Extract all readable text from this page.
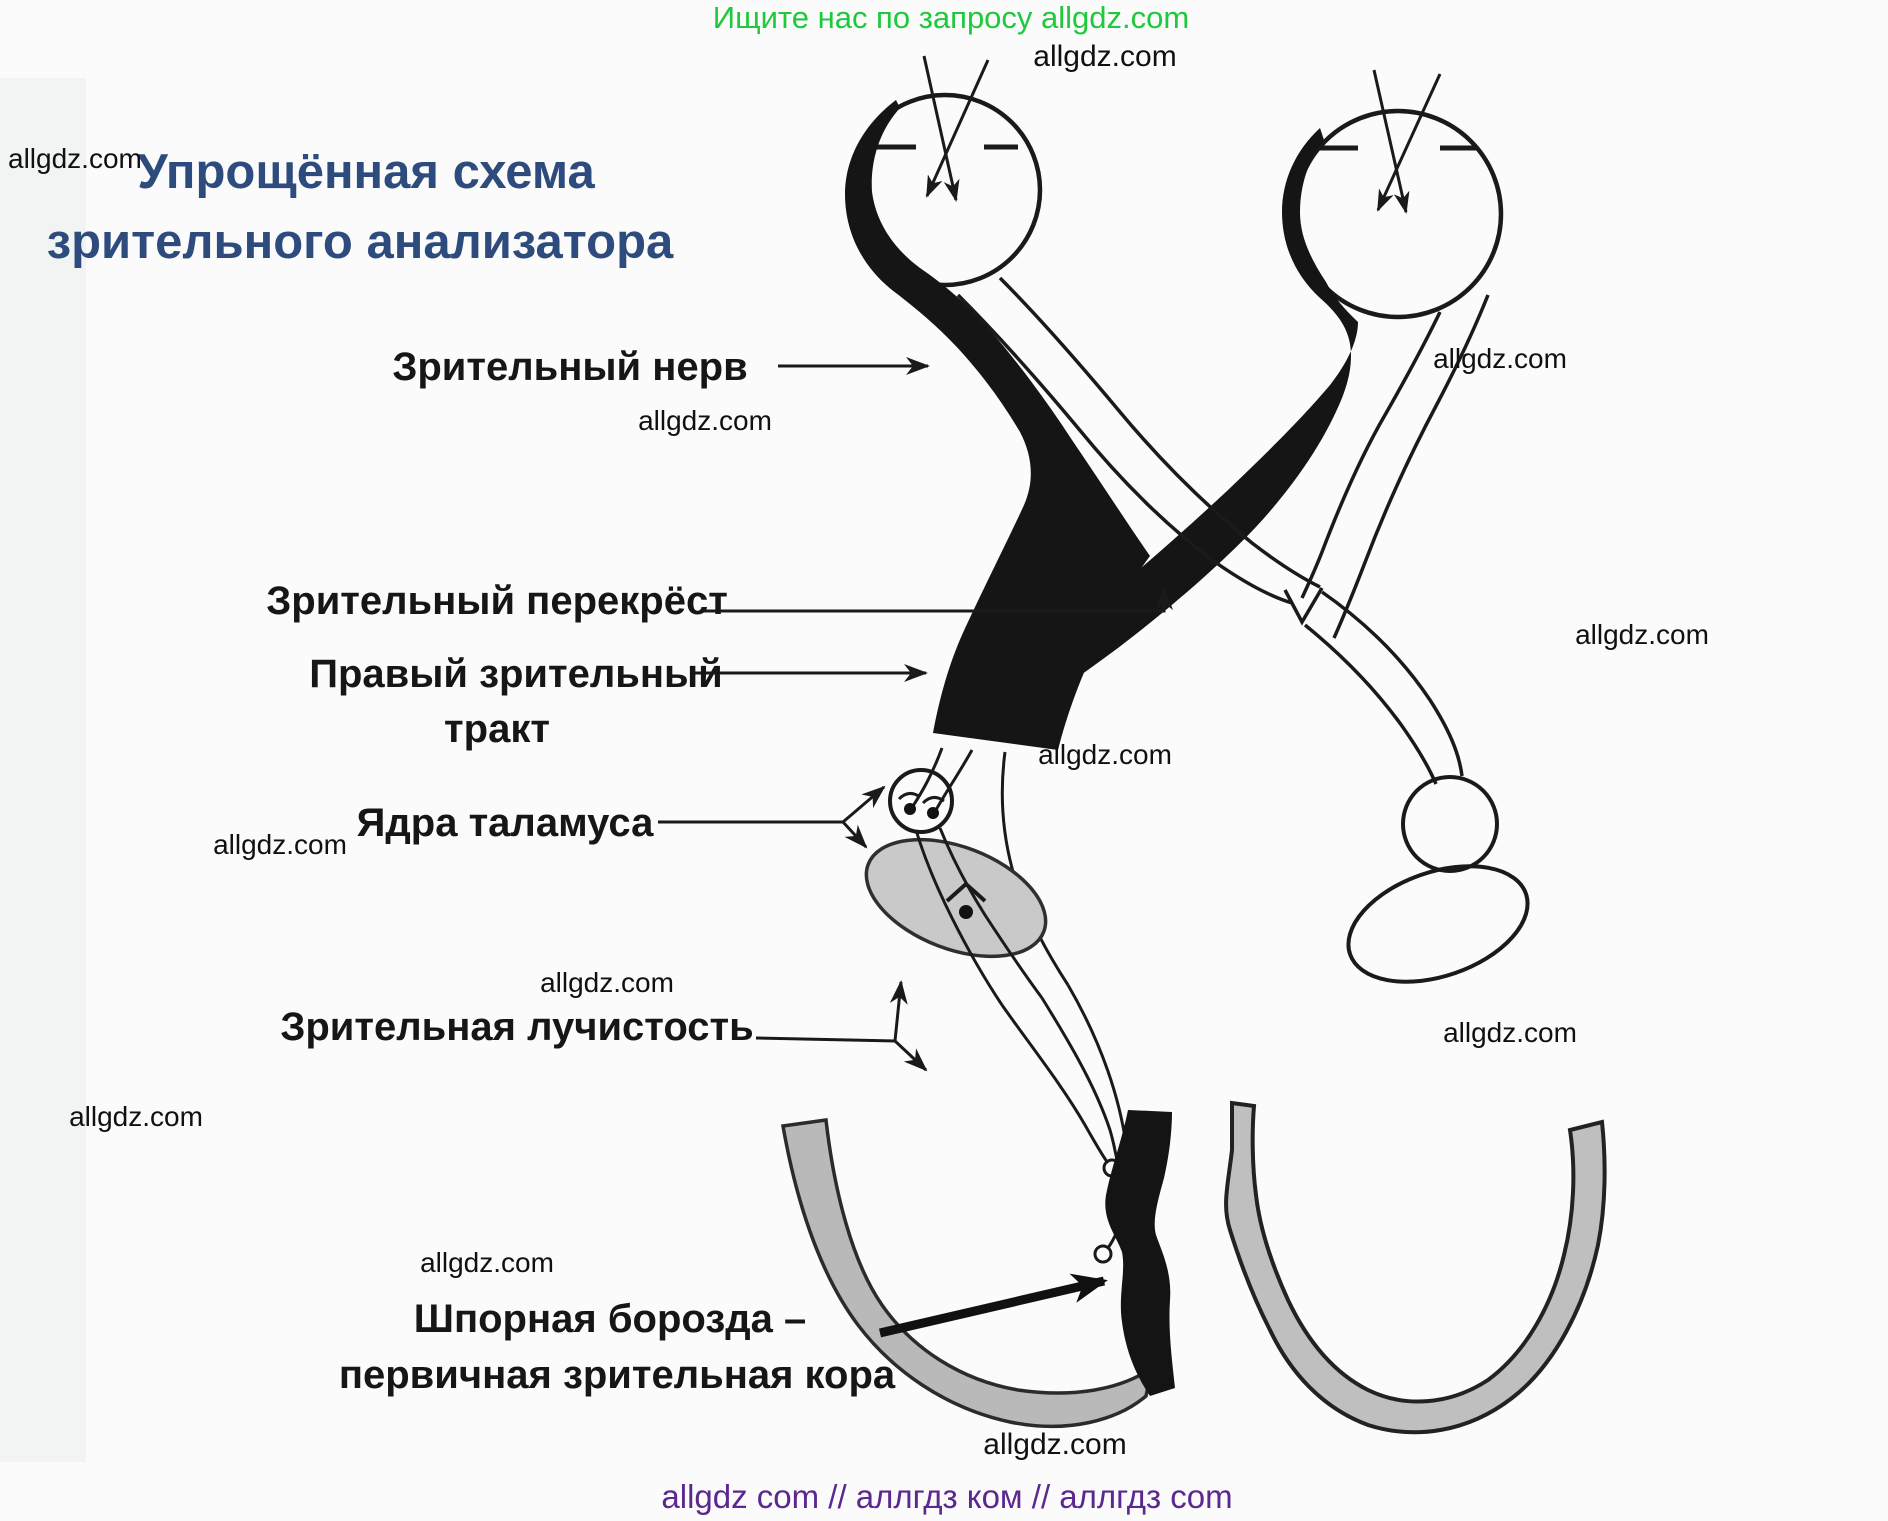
Ищите нас по запросу allgdz.com
allgdz.com
Упрощённая схема
зрительного анализатора
allgdz.com
allgdz.com
allgdz.com
allgdz.com
allgdz.com
allgdz.com
allgdz.com
allgdz.com
allgdz.com
allgdz.com
allgdz.com
Зрительный нерв
Зрительный перекрёст
Правый зрительный
тракт
Ядра таламуса
Зрительная лучистость
Шпорная борозда –
первичная зрительная кора
allgdz com // аллгдз ком // аллгдз com
